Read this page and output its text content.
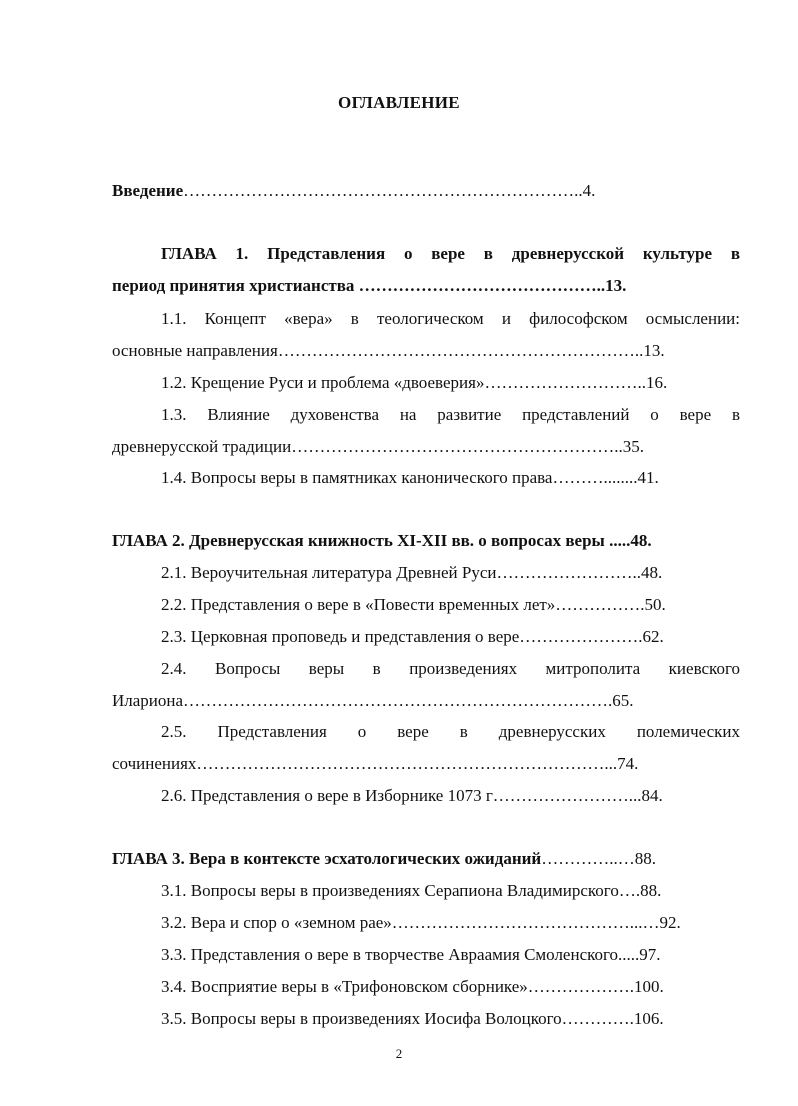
ОГЛАВЛЕНИЕ
Введение……………………………………………………………..4.
ГЛАВА 1. Представления о вере в древнерусской культуре в
период принятия христианства ……………………………………..13.
1.1. Концепт «вера» в теологическом и философском осмыслении:
основные направления………………………………………………………..13.
1.2. Крещение Руси и проблема «двоеверия»………………………..16.
1.3. Влияние духовенства на развитие представлений о вере в
древнерусской традиции…………………………………………………..35.
1.4. Вопросы веры в памятниках канонического права………........41.
ГЛАВА 2. Древнерусская книжность XI-XII вв. о вопросах веры .....48.
2.1. Вероучительная литература Древней Руси……………………..48.
2.2. Представления о вере в «Повести временных лет»…………….50.
2.3. Церковная проповедь и представления о вере………………….62.
2.4. Вопросы веры в произведениях митрополита киевского
Илариона………………………………………………………………….65.
2.5. Представления о вере в древнерусских полемических
сочинениях………………………………………………………………...74.
2.6. Представления о вере в Изборнике 1073 г……………………...84.
ГЛАВА 3. Вера в контексте эсхатологических ожиданий…………..…88.
3.1. Вопросы веры в произведениях Серапиона Владимирского….88.
3.2. Вера и спор о «земном рае»……………………………………...…92.
3.3. Представления о вере в творчестве Авраамия Смоленского.....97.
3.4. Восприятие веры в «Трифоновском сборнике»……………….100.
3.5. Вопросы веры в произведениях Иосифа Волоцкого………….106.
2
